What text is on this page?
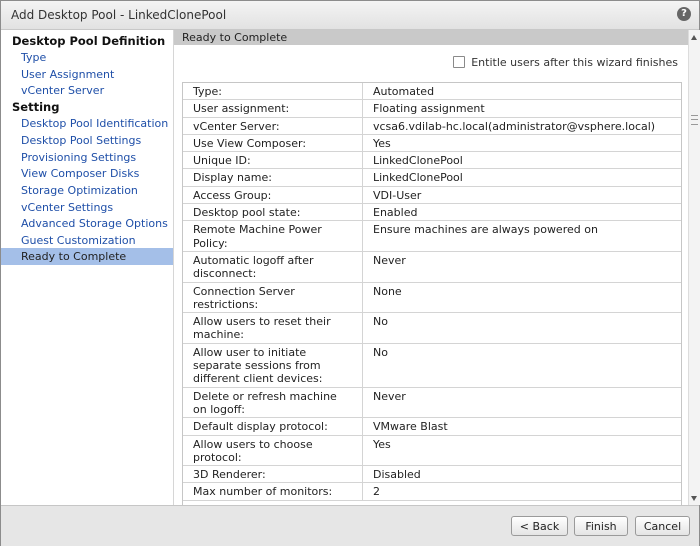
Add Desktop Pool - LinkedClonePool	?
Desktop Pool Definition
Type
User Assignment
vCenter Server
Setting
Desktop Pool Identification
Desktop Pool Settings
Provisioning Settings
View Composer Disks
Storage Optimization
vCenter Settings
Advanced Storage Options
Guest Customization
Ready to Complete
Ready to Complete
Entitle users after this wizard finishes
Type:	Automated
User assignment:	Floating assignment
vCenter Server:	vcsa6.vdilab-hc.local(administrator@vsphere.local)
Use View Composer:	Yes
Unique ID:	LinkedClonePool
Display name:	LinkedClonePool
Access Group:	VDI-User
Desktop pool state:	Enabled
Remote Machine Power Policy:	Ensure machines are always powered on
Automatic logoff after disconnect:	Never
Connection Server restrictions:	None
Allow users to reset their machine:	No
Allow user to initiate separate sessions from different client devices:	No
Delete or refresh machine on logoff:	Never
Default display protocol:	VMware Blast
Allow users to choose protocol:	Yes
3D Renderer:	Disabled
Max number of monitors:	2
< Back	Finish	Cancel
